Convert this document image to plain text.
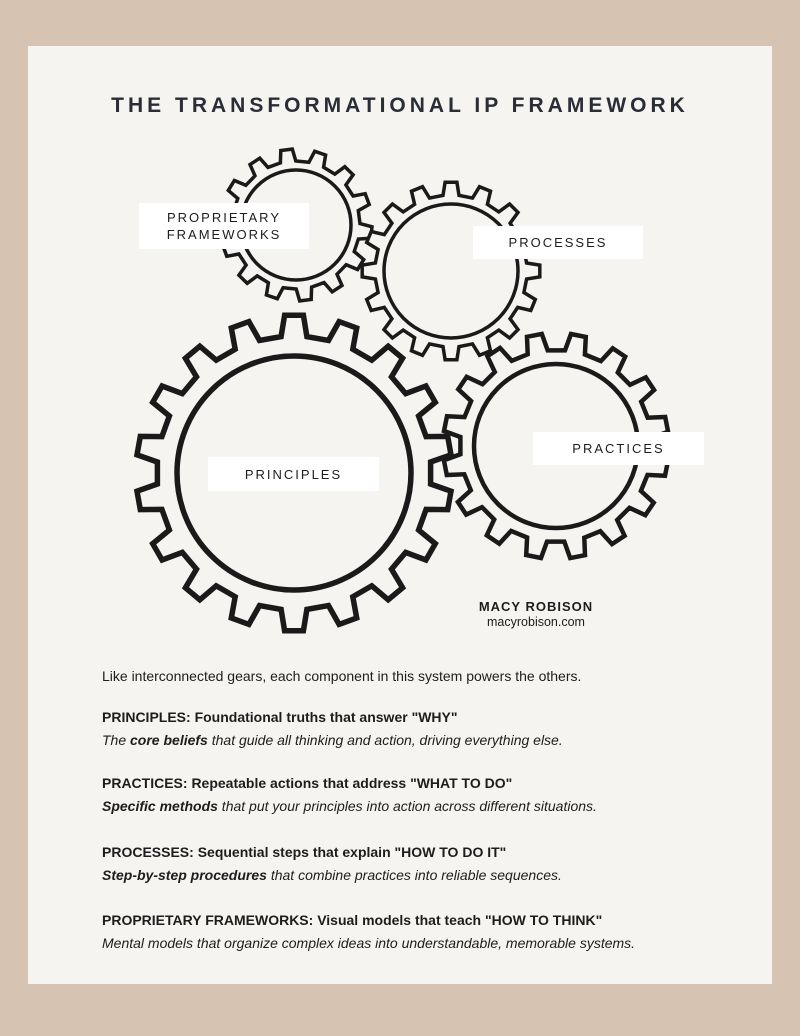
THE TRANSFORMATIONAL IP FRAMEWORK
PROPRIETARY FRAMEWORKS
PROCESSES
PRINCIPLES
PRACTICES
MACY ROBISON
macyrobison.com
Like interconnected gears, each component in this system powers the others.
PRINCIPLES: Foundational truths that answer "WHY"
The core beliefs that guide all thinking and action, driving everything else.
PRACTICES: Repeatable actions that address "WHAT TO DO"
Specific methods that put your principles into action across different situations.
PROCESSES: Sequential steps that explain "HOW TO DO IT"
Step-by-step procedures that combine practices into reliable sequences.
PROPRIETARY FRAMEWORKS: Visual models that teach "HOW TO THINK"
Mental models that organize complex ideas into understandable, memorable systems.
